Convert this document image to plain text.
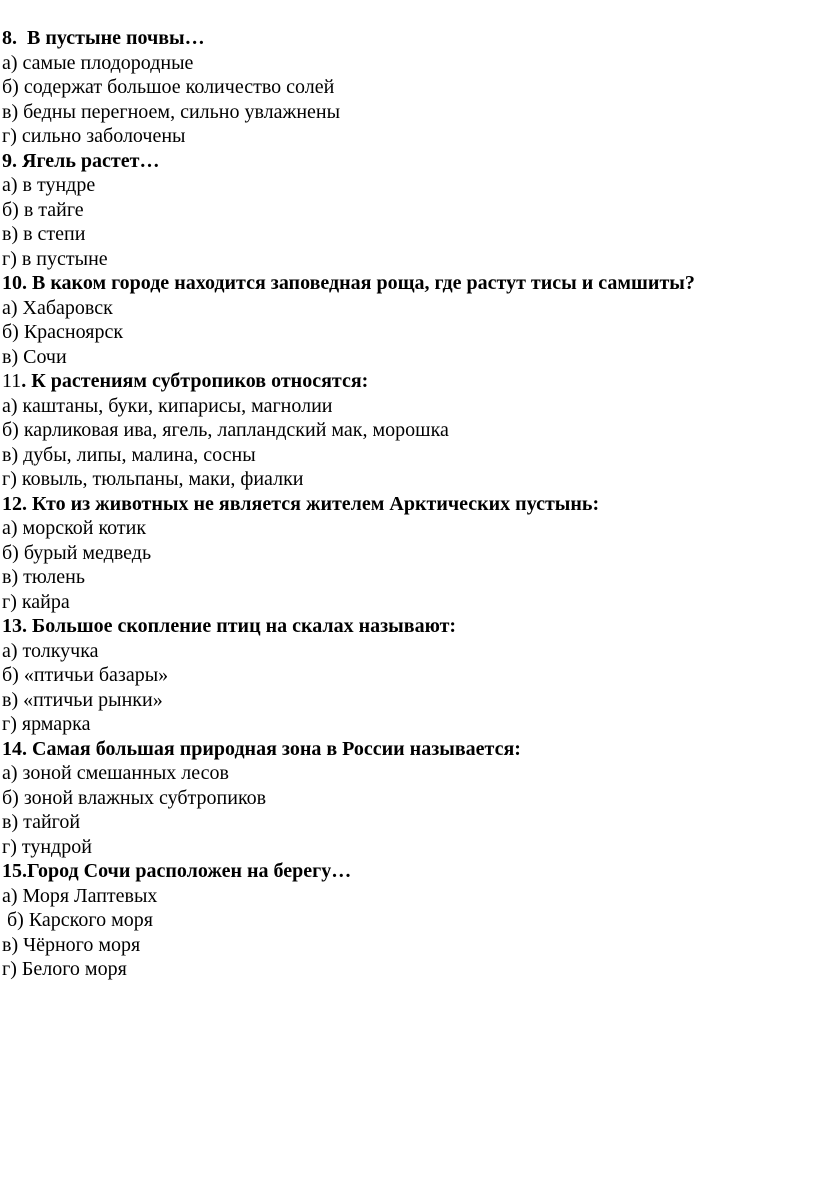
8. В пустыне почвы…
а) самые плодородные
б) содержат большое количество солей
в) бедны перегноем, сильно увлажнены
г) сильно заболочены
9. Ягель растет…
а) в тундре
б) в тайге
в) в степи
г) в пустыне
10. В каком городе находится заповедная роща, где растут тисы и самшиты?
а) Хабаровск
б) Красноярск
в) Сочи
11. К растениям субтропиков относятся:
а) каштаны, буки, кипарисы, магнолии
б) карликовая ива, ягель, лапландский мак, морошка
в) дубы, липы, малина, сосны
г) ковыль, тюльпаны, маки, фиалки
12. Кто из животных не является жителем Арктических пустынь:
а) морской котик
б) бурый медведь
в) тюлень
г) кайра
13. Большое скопление птиц на скалах называют:
а) толкучка
б) «птичьи базары»
в) «птичьи рынки»
г) ярмарка
14. Самая большая природная зона в России называется:
а) зоной смешанных лесов
б) зоной влажных субтропиков
в) тайгой
г) тундрой
15.Город Сочи расположен на берегу…
а) Моря Лаптевых
б) Карского моря
в) Чёрного моря
г) Белого моря
